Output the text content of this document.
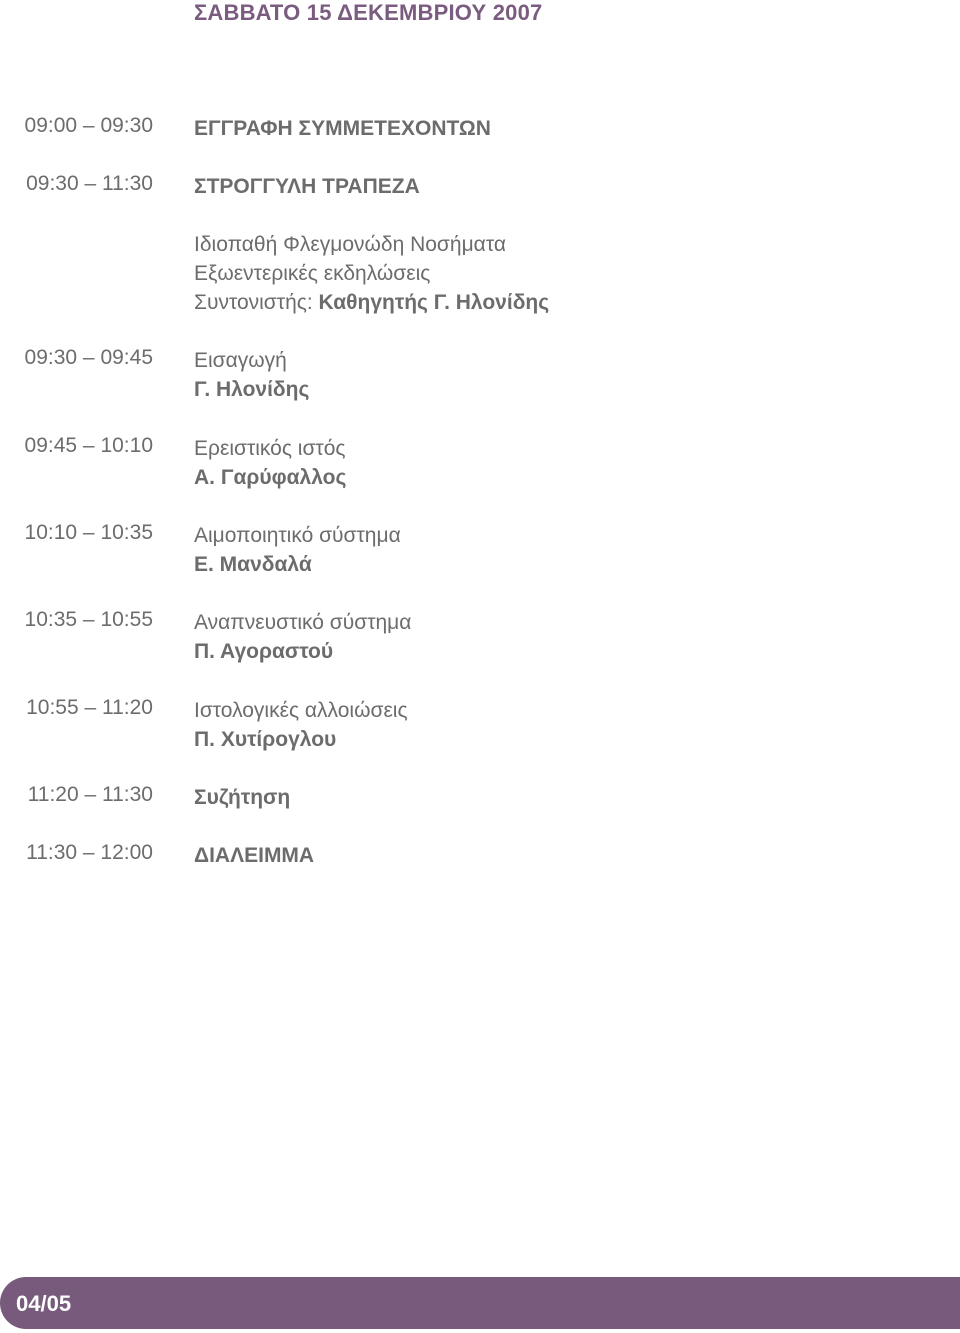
ΣΑΒΒΑΤΟ 15 ΔΕΚΕΜΒΡΙΟΥ 2007
09:00 – 09:30 ΕΓΓΡΑΦΗ ΣΥΜΜΕΤΕΧΟΝΤΩΝ
09:30 – 11:30 ΣΤΡΟΓΓΥΛΗ ΤΡΑΠΕΖΑ
Ιδιοπαθή Φλεγμονώδη Νοσήματα
Εξωεντερικές εκδηλώσεις
Συντονιστής: Καθηγητής Γ. Ηλονίδης
09:30 – 09:45 Εισαγωγή
Γ. Ηλονίδης
09:45 – 10:10 Ερειστικός ιστός
Α. Γαρύφαλλος
10:10 – 10:35 Αιμοποιητικό σύστημα
Ε. Μανδαλά
10:35 – 10:55 Αναπνευστικό σύστημα
Π. Αγοραστού
10:55 – 11:20 Ιστολογικές αλλοιώσεις
Π. Χυτίρογλου
11:20 – 11:30 Συζήτηση
11:30 – 12:00 ΔΙΑΛΕΙΜΜΑ
04/05
